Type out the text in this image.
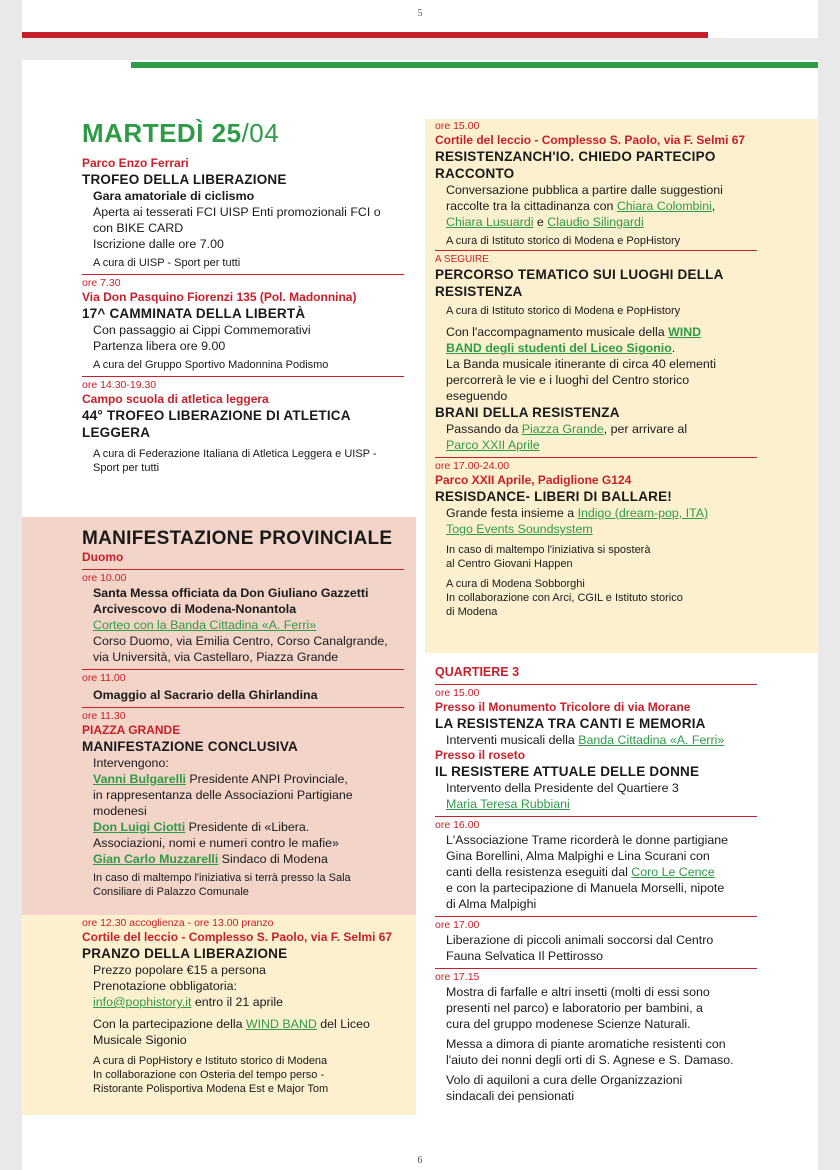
5
MARTEDÌ 25/04
Parco Enzo Ferrari
TROFEO DELLA LIBERAZIONE
Gara amatoriale di ciclismo
Aperta ai tesserati FCI UISP Enti promozionali FCI o
con BIKE CARD
Iscrizione dalle ore 7.00
A cura di UISP - Sport per tutti
ore 7.30
Via Don Pasquino Fiorenzi 135 (Pol. Madonnina)
17^ CAMMINATA DELLA LIBERTÀ
Con passaggio ai Cippi Commemorativi
Partenza libera ore 9.00
A cura del Gruppo Sportivo Madonnina Podismo
ore 14.30-19.30
Campo scuola di atletica leggera
44° TROFEO LIBERAZIONE DI ATLETICA
LEGGERA
A cura di Federazione Italiana di Atletica Leggera e UISP -
Sport per tutti
MANIFESTAZIONE PROVINCIALE
Duomo
ore 10.00
Santa Messa officiata da Don Giuliano Gazzetti
Arcivescovo di Modena-Nonantola
Corteo con la Banda Cittadina «A. Ferri»
Corso Duomo, via Emilia Centro, Corso Canalgrande,
via Università, via Castellaro, Piazza Grande
ore 11.00
Omaggio al Sacrario della Ghirlandina
ore 11.30
PIAZZA GRANDE
MANIFESTAZIONE CONCLUSIVA
Intervengono:
Vanni Bulgarelli Presidente ANPI Provinciale,
in rappresentanza delle Associazioni Partigiane
modenesi
Don Luigi Ciotti Presidente di «Libera.
Associazioni, nomi e numeri contro le mafie»
Gian Carlo Muzzarelli Sindaco di Modena
In caso di maltempo l'iniziativa si terrà presso la Sala
Consiliare di Palazzo Comunale
ore 12.30 accoglienza - ore 13.00 pranzo
Cortile del leccio - Complesso S. Paolo, via F. Selmi 67
PRANZO DELLA LIBERAZIONE
Prezzo popolare €15 a persona
Prenotazione obbligatoria:
info@pophistory.it entro il 21 aprile
Con la partecipazione della WIND BAND del Liceo
Musicale Sigonio
A cura di PopHistory e Istituto storico di Modena
In collaborazione con Osteria del tempo perso -
Ristorante Polisportiva Modena Est e Major Tom
ore 15.00
Cortile del leccio - Complesso S. Paolo, via F. Selmi 67
RESISTENZANCH'IO. CHIEDO PARTECIPO
RACCONTO
Conversazione pubblica a partire dalle suggestioni
raccolte tra la cittadinanza con Chiara Colombini,
Chiara Lusuardi e Claudio Silingardi
A cura di Istituto storico di Modena e PopHistory
A SEGUIRE
PERCORSO TEMATICO SUI LUOGHI DELLA
RESISTENZA
A cura di Istituto storico di Modena e PopHistory
Con l'accompagnamento musicale della WIND
BAND degli studenti del Liceo Sigonio.
La Banda musicale itinerante di circa 40 elementi
percorrerà le vie e i luoghi del Centro storico
eseguendo
BRANI DELLA RESISTENZA
Passando da Piazza Grande, per arrivare al
Parco XXII Aprile
ore 17.00-24.00
Parco XXII Aprile, Padiglione G124
RESISDANCE- LIBERI DI BALLARE!
Grande festa insieme a Indigo (dream-pop, ITA)
Togo Events Soundsystem
In caso di maltempo l'iniziativa si sposterà
al Centro Giovani Happen
A cura di Modena Sobborghi
In collaborazione con Arci, CGIL e Istituto storico
di Modena
QUARTIERE 3
ore 15.00
Presso il Monumento Tricolore di via Morane
LA RESISTENZA TRA CANTI E MEMORIA
Interventi musicali della Banda Cittadina «A. Ferri»
Presso il roseto
IL RESISTERE ATTUALE DELLE DONNE
Intervento della Presidente del Quartiere 3
Maria Teresa Rubbiani
ore 16.00
L'Associazione Trame ricorderà le donne partigiane
Gina Borellini, Alma Malpighi e Lina Scurani con
canti della resistenza eseguiti dal Coro Le Cence
e con la partecipazione di Manuela Morselli, nipote
di Alma Malpighi
ore 17.00
Liberazione di piccoli animali soccorsi dal Centro
Fauna Selvatica Il Pettirosso
ore 17.15
Mostra di farfalle e altri insetti (molti di essi sono
presenti nel parco) e laboratorio per bambini, a
cura del gruppo modenese Scienze Naturali.
Messa a dimora di piante aromatiche resistenti con
l'aiuto dei nonni degli orti di S. Agnese e S. Damaso.
Volo di aquiloni a cura delle Organizzazioni
sindacali dei pensionati
6
